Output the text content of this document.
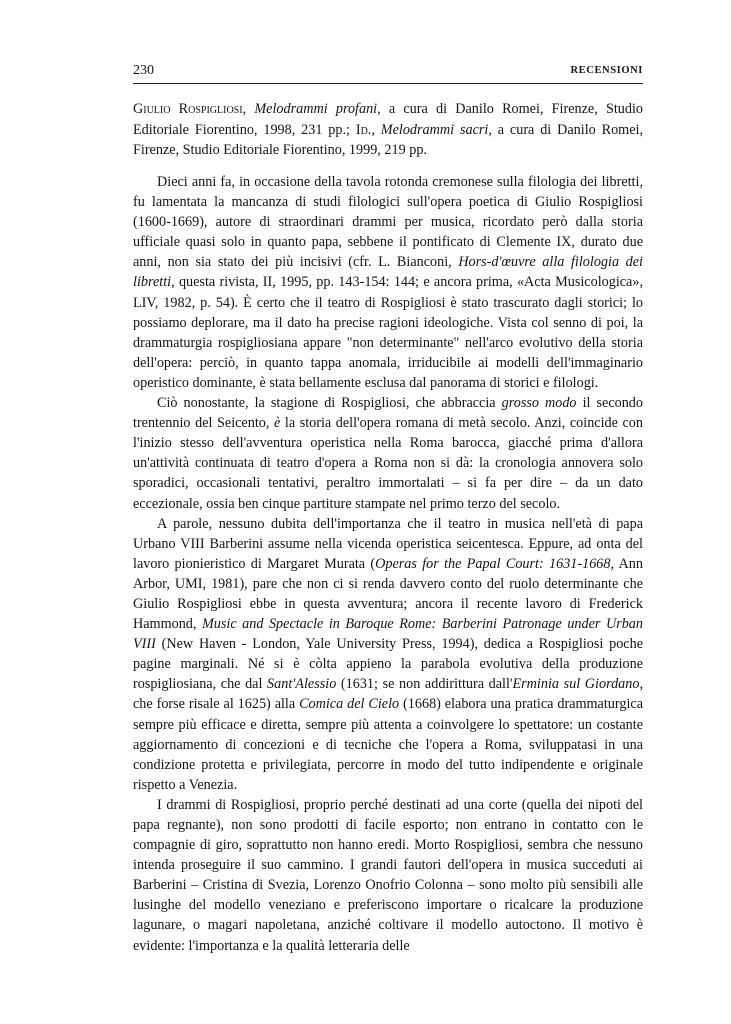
230	RECENSIONI

Giulio Rospigliosi, Melodrammi profani, a cura di Danilo Romei, Firenze, Studio Editoriale Fiorentino, 1998, 231 pp.; Id., Melodrammi sacri, a cura di Danilo Romei, Firenze, Studio Editoriale Fiorentino, 1999, 219 pp.

Dieci anni fa, in occasione della tavola rotonda cremonese sulla filologia dei libretti, fu lamentata la mancanza di studi filologici sull'opera poetica di Giulio Rospigliosi (1600-1669), autore di straordinari drammi per musica, ricordato però dalla storia ufficiale quasi solo in quanto papa, sebbene il pontificato di Clemente IX, durato due anni, non sia stato dei più incisivi (cfr. L. Bianconi, Hors-d'œuvre alla filologia dei libretti, questa rivista, II, 1995, pp. 143-154: 144; e ancora prima, «Acta Musicologica», LIV, 1982, p. 54). È certo che il teatro di Rospigliosi è stato trascurato dagli storici; lo possiamo deplorare, ma il dato ha precise ragioni ideologiche. Vista col senno di poi, la drammaturgia rospigliosiana appare "non determinante" nell'arco evolutivo della storia dell'opera: perciò, in quanto tappa anomala, irriducibile ai modelli dell'immaginario operistico dominante, è stata bellamente esclusa dal panorama di storici e filologi.

Ciò nonostante, la stagione di Rospigliosi, che abbraccia grosso modo il secondo trentennio del Seicento, è la storia dell'opera romana di metà secolo. Anzi, coincide con l'inizio stesso dell'avventura operistica nella Roma barocca, giacché prima d'allora un'attività continuata di teatro d'opera a Roma non si dà: la cronologia annovera solo sporadici, occasionali tentativi, peraltro immortalati – si fa per dire – da un dato eccezionale, ossia ben cinque partiture stampate nel primo terzo del secolo.

A parole, nessuno dubita dell'importanza che il teatro in musica nell'età di papa Urbano VIII Barberini assume nella vicenda operistica seicentesca. Eppure, ad onta del lavoro pionieristico di Margaret Murata (Operas for the Papal Court: 1631-1668, Ann Arbor, UMI, 1981), pare che non ci si renda davvero conto del ruolo determinante che Giulio Rospigliosi ebbe in questa avventura; ancora il recente lavoro di Frederick Hammond, Music and Spectacle in Baroque Rome: Barberini Patronage under Urban VIII (New Haven - London, Yale University Press, 1994), dedica a Rospigliosi poche pagine marginali. Né si è còlta appieno la parabola evolutiva della produzione rospigliosiana, che dal Sant'Alessio (1631; se non addirittura dall'Erminia sul Giordano, che forse risale al 1625) alla Comica del Cielo (1668) elabora una pratica drammaturgica sempre più efficace e diretta, sempre più attenta a coinvolgere lo spettatore: un costante aggiornamento di concezioni e di tecniche che l'opera a Roma, sviluppatasi in una condizione protetta e privilegiata, percorre in modo del tutto indipendente e originale rispetto a Venezia.

I drammi di Rospigliosi, proprio perché destinati ad una corte (quella dei nipoti del papa regnante), non sono prodotti di facile esporto; non entrano in contatto con le compagnie di giro, soprattutto non hanno eredi. Morto Rospigliosi, sembra che nessuno intenda proseguire il suo cammino. I grandi fautori dell'opera in musica succeduti ai Barberini – Cristina di Svezia, Lorenzo Onofrio Colonna – sono molto più sensibili alle lusinghe del modello veneziano e preferiscono importare o ricalcare la produzione lagunare, o magari napoletana, anziché coltivare il modello autoctono. Il motivo è evidente: l'importanza e la qualità letteraria delle
